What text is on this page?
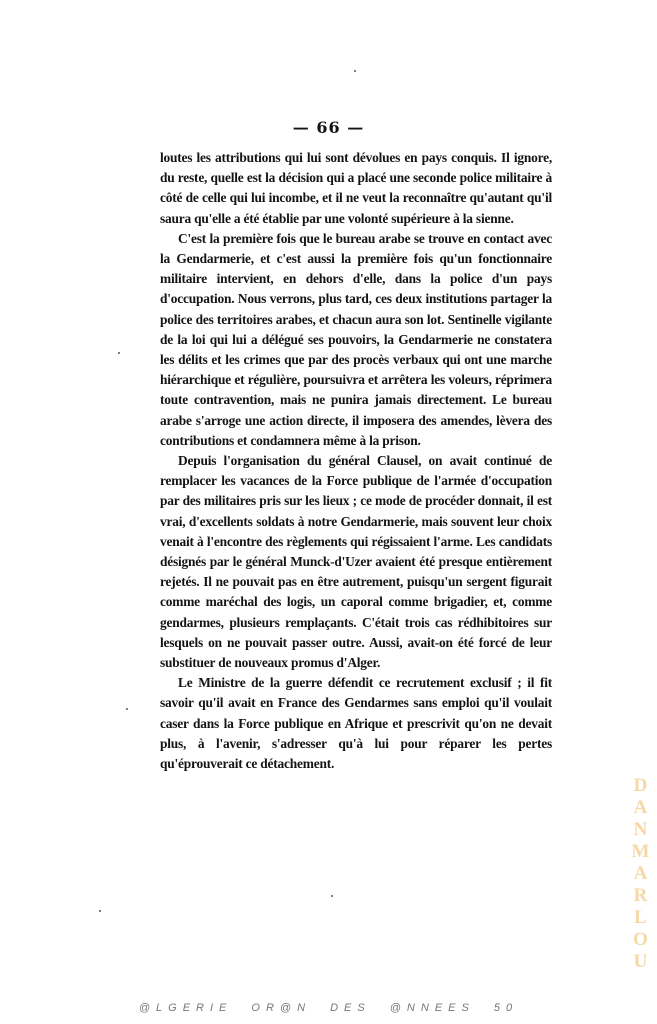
— 66 —

loutes les attributions qui lui sont dévolues en pays conquis. Il ignore, du reste, quelle est la décision qui a placé une seconde police militaire à côté de celle qui lui incombe, et il ne veut la reconnaître qu'autant qu'il saura qu'elle a été établie par une volonté supérieure à la sienne.

C'est la première fois que le bureau arabe se trouve en contact avec la Gendarmerie, et c'est aussi la première fois qu'un fonctionnaire militaire intervient, en dehors d'elle, dans la police d'un pays d'occupation. Nous verrons, plus tard, ces deux institutions partager la police des territoires arabes, et chacun aura son lot. Sentinelle vigilante de la loi qui lui a délégué ses pouvoirs, la Gendarmerie ne constatera les délits et les crimes que par des procès verbaux qui ont une marche hiérarchique et régulière, poursuivra et arrêtera les voleurs, réprimera toute contravention, mais ne punira jamais directement. Le bureau arabe s'arroge une action directe, il imposera des amendes, lèvera des contributions et condamnera même à la prison.

Depuis l'organisation du général Clausel, on avait continué de remplacer les vacances de la Force publique de l'armée d'occupation par des militaires pris sur les lieux ; ce mode de procéder donnait, il est vrai, d'excellents soldats à notre Gendarmerie, mais souvent leur choix venait à l'encontre des règlements qui régissaient l'arme. Les candidats désignés par le général Munck-d'Uzer avaient été presque entièrement rejetés. Il ne pouvait pas en être autrement, puisqu'un sergent figurait comme maréchal des logis, un caporal comme brigadier, et, comme gendarmes, plusieurs remplaçants. C'était trois cas rédhibitoires sur lesquels on ne pouvait passer outre. Aussi, avait-on été forcé de leur substituer de nouveaux promus d'Alger.

Le Ministre de la guerre défendit ce recrutement exclusif ; il fit savoir qu'il avait en France des Gendarmes sans emploi qu'il voulait caser dans la Force publique en Afrique et prescrivit qu'on ne devait plus, à l'avenir, s'adresser qu'à lui pour réparer les pertes qu'éprouverait ce détachement.

DANMARLOU
@LGERIE OR@N DES @NNEES 50
